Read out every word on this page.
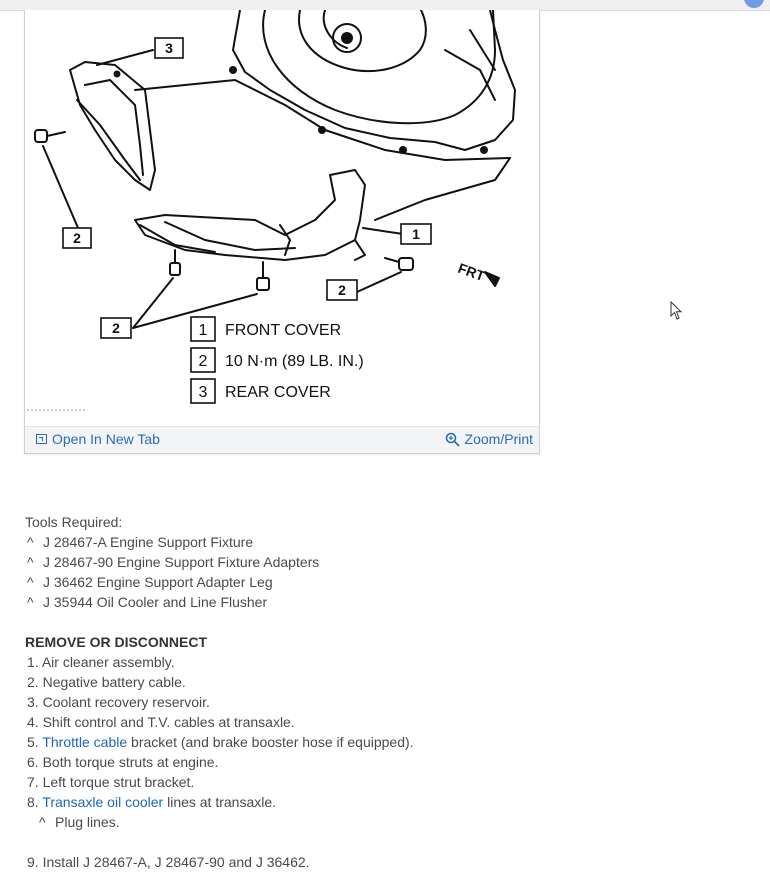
3
2	1
2
2
FRT
1 FRONT COVER
2 10 N·m (89 LB. IN.)
3 REAR COVER
Open In New Tab	Zoom/Print
Tools Required:
^ J 28467-A Engine Support Fixture
^ J 28467-90 Engine Support Fixture Adapters
^ J 36462 Engine Support Adapter Leg
^ J 35944 Oil Cooler and Line Flusher
REMOVE OR DISCONNECT
1. Air cleaner assembly.
2. Negative battery cable.
3. Coolant recovery reservoir.
4. Shift control and T.V. cables at transaxle.
5. Throttle cable bracket (and brake booster hose if equipped).
6. Both torque struts at engine.
7. Left torque strut bracket.
8. Transaxle oil cooler lines at transaxle.
^ Plug lines.
9. Install J 28467-A, J 28467-90 and J 36462.
